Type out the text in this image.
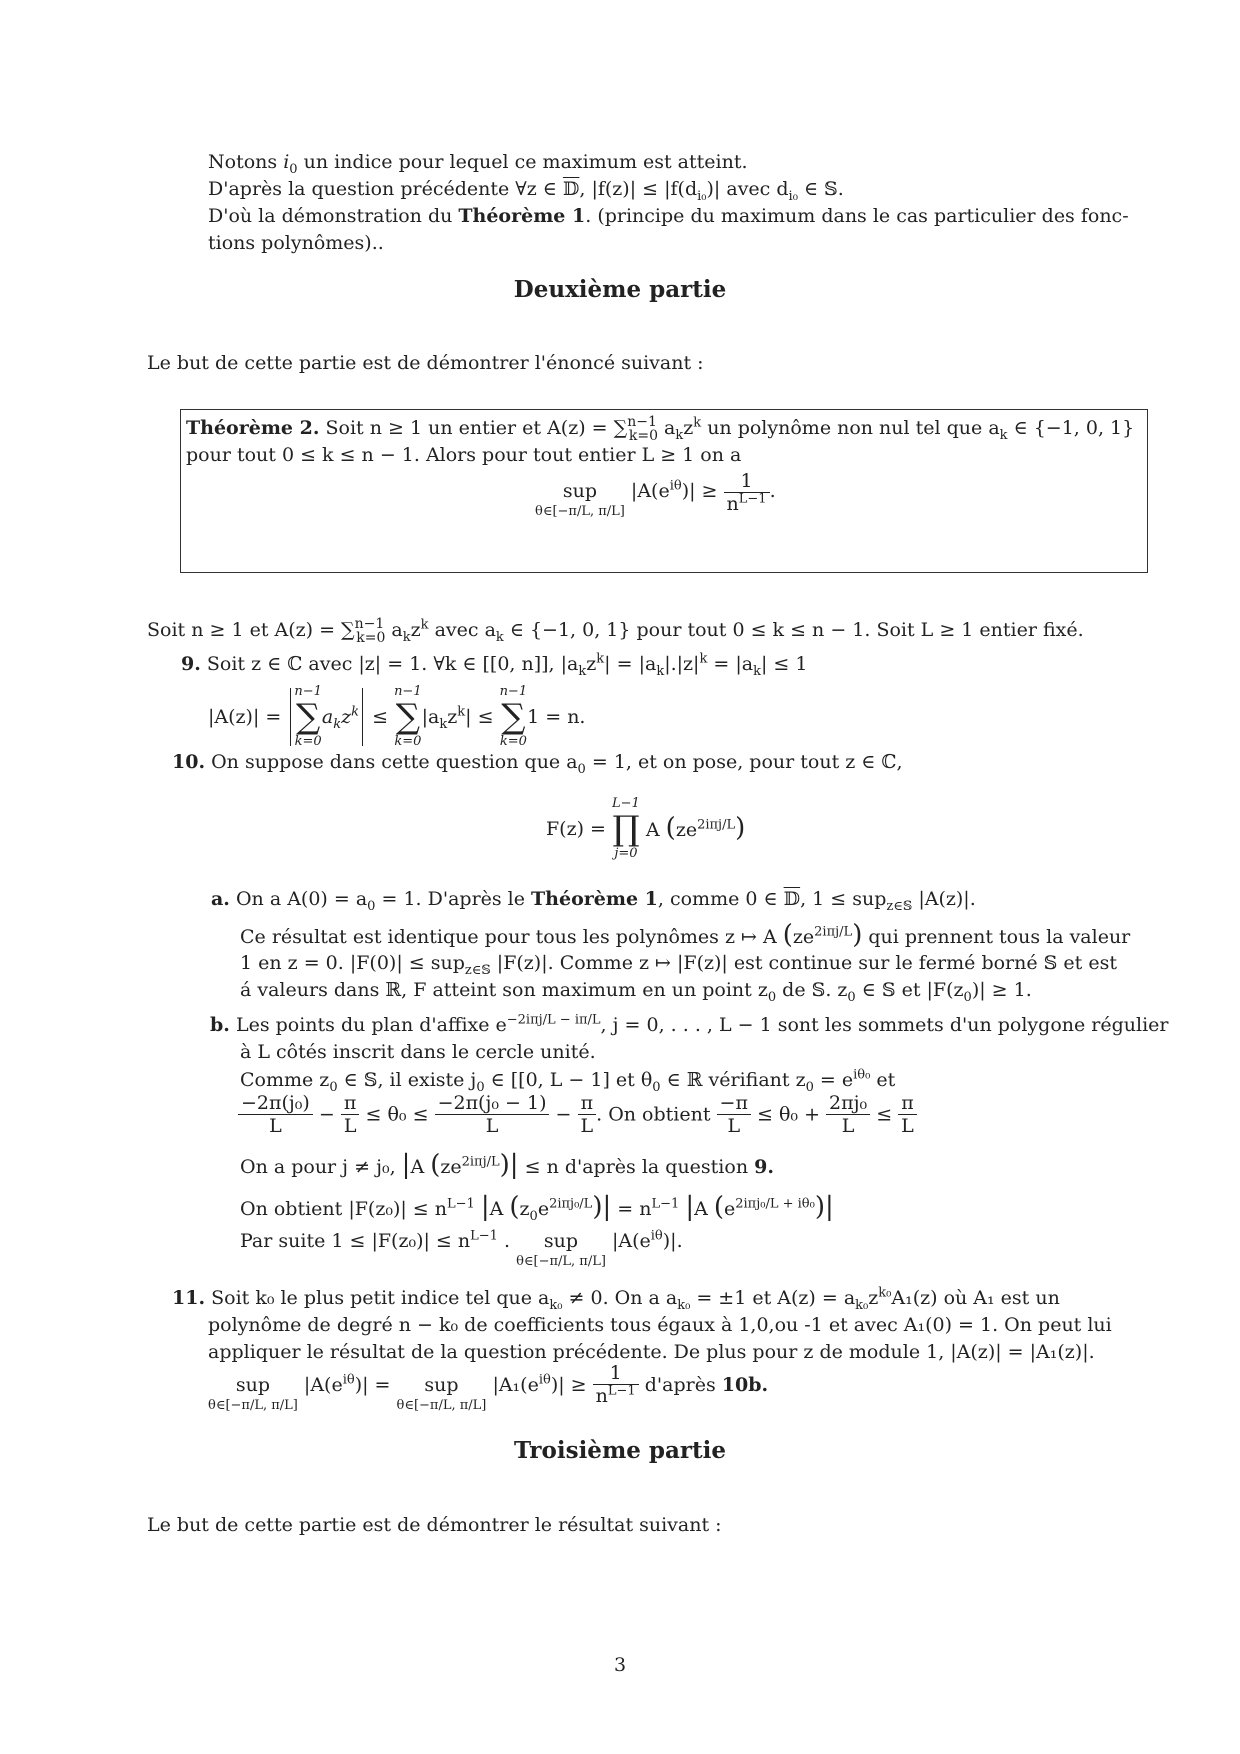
Notons $i_0$ un indice pour lequel ce maximum est atteint.
D'après la question précédente ∀z ∈ 𝔻, $|f(z)| \le |f(d_{i_0})|$ avec $d_{i_0}$ ∈ 𝕊.
D'où la démonstration du Théorème 1. (principe du maximum dans le cas particulier des fonc-
tions polynômes)..
Deuxième partie
Le but de cette partie est de démontrer l'énoncé suivant :
Théorème 2. Soit n ≥ 1 un entier et A(z) = ∑$^{n-1}_{k=0}$ $a_kz^k$ un polynôme non nul tel que $a_k$ ∈ {−1, 0, 1}
pour tout 0 ≤ k ≤ n − 1. Alors pour tout entier L ≥ 1 on a
sup
θ∈[−π/L, π/L]
$|A(e^{i\theta})| \ge \frac{1}{n^{L-1}}$ .
Soit n ≥ 1 et A(z) = ∑$^{n-1}_{k=0}$ $a_kz^k$ avec $a_k$ ∈ {−1, 0, 1} pour tout 0 ≤ k ≤ n − 1. Soit L ≥ 1 entier fixé.
9. Soit z ∈ ℂ avec |z| = 1. ∀k ∈ [[0, n]], $|a_kz^k| = |a_k|.|z|^k = |a_k| \le 1$
|A(z)| =
n−1
∑
k=0
$a_kz^k$ ≤
n−1
∑
k=0
$|a_kz^k|$ ≤
n−1
∑
k=0
1 = n.
10. On suppose dans cette question que $a_0 = 1$, et on pose, pour tout z ∈ ℂ,
F(z) =
L−1
∏
j=0
A $(ze^{2i\pi j/L})$
a. On a $A(0) = a_0 = 1$. D'après le Théorème 1, comme 0 ∈ 𝔻, 1 ≤ sup$_{z\in 𝕊}$ |A(z)|.
Ce résultat est identique pour tous les polynômes z ↦ A $(ze^{2i\pi j/L})$ qui prennent tous la valeur
1 en z = 0. |F(0)| ≤ sup$_{z\in 𝕊}$ |F(z)|. Comme z ↦ |F(z)| est continue sur le fermé borné 𝕊 et est
á valeurs dans ℝ, F atteint son maximum en un point $z_0$ de 𝕊. $z_0$ ∈ 𝕊 et $|F(z_0)| \ge 1$.
b. Les points du plan d'affixe $e^{-2i\pi j/L - i\pi/L}$, j = 0, . . . , L − 1 sont les sommets d'un polygone régulier
à L côtés inscrit dans le cercle unité.
Comme $z_0$ ∈ 𝕊, il existe $j_0$ ∈ [[0, L − 1] et $\theta_0$ ∈ ℝ vérifiant $z_0 = e^{i\theta_0}$ et
$\frac{\text{−2π(j₀)}}{L} - \frac{\pi}{L} \le \theta_0 \le \frac{\text{−2π(j₀ − 1)}}{L} - \frac{\pi}{L}$ . On obtient $\frac{-\pi}{L} \le \theta_0 + \frac{\text{2πj₀}}{L} \le \frac{\pi}{L}$
On a pour j ≠ j₀, |A $(ze^{2i\pi j/L})| \le n$ d'après la question 9.
On obtient $|F(z_0)| \le n^{L-1}$ |A $(z_0e^{2i\pi j_0/L})| = n^{L-1}$ |A $(e^{2i\pi j_0/L + i\theta_0})|$
Par suite $1 \le |F(z_0)| \le n^{L-1}$ .	sup
θ∈[−π/L, π/L]
$|A(e^{i\theta})|$.
11. Soit k₀ le plus petit indice tel que $a_{k_0} \ne 0$. On a $a_{k_0} = \pm 1$ et $A(z) = a_{k_0}z^{k_0}A_1(z)$ où A₁ est un
polynôme de degré n − k₀ de coefficients tous égaux à 1,0,ou -1 et avec A₁(0) = 1. On peut lui
appliquer le résultat de la question précédente. De plus pour z de module 1, |A(z)| = |A₁(z)|.
sup
θ∈[−π/L, π/L]
$|A(e^{i\theta})|$ =	sup
θ∈[−π/L, π/L]
$|A_1(e^{i\theta})| \ge \frac{1}{n^{L-1}}$ d'après 10b.
Troisième partie
Le but de cette partie est de démontrer le résultat suivant :
3
